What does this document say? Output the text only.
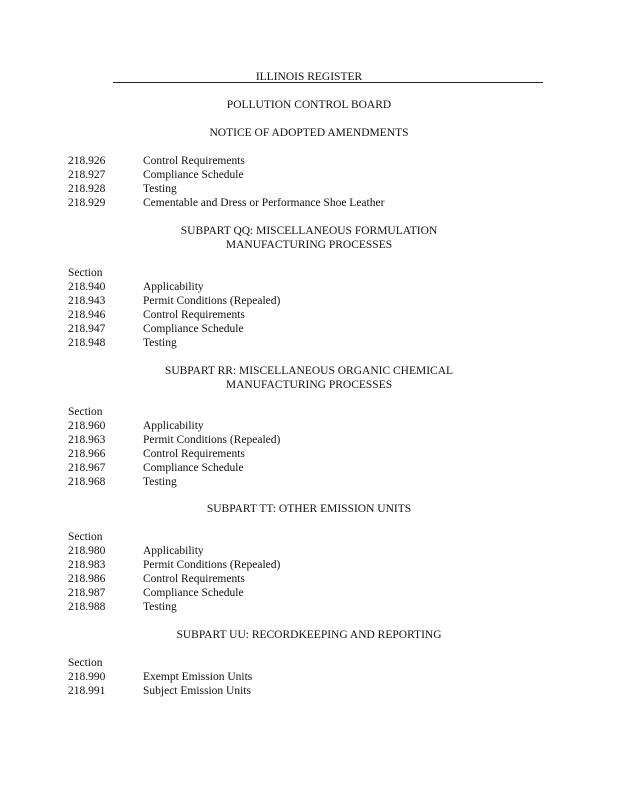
ILLINOIS REGISTER
POLLUTION CONTROL BOARD
NOTICE OF ADOPTED AMENDMENTS
218.926	Control Requirements
218.927	Compliance Schedule
218.928	Testing
218.929	Cementable and Dress or Performance Shoe Leather
SUBPART QQ: MISCELLANEOUS FORMULATION
MANUFACTURING PROCESSES
Section
218.940	Applicability
218.943	Permit Conditions (Repealed)
218.946	Control Requirements
218.947	Compliance Schedule
218.948	Testing
SUBPART RR: MISCELLANEOUS ORGANIC CHEMICAL
MANUFACTURING PROCESSES
Section
218.960	Applicability
218.963	Permit Conditions (Repealed)
218.966	Control Requirements
218.967	Compliance Schedule
218.968	Testing
SUBPART TT: OTHER EMISSION UNITS
Section
218.980	Applicability
218.983	Permit Conditions (Repealed)
218.986	Control Requirements
218.987	Compliance Schedule
218.988	Testing
SUBPART UU: RECORDKEEPING AND REPORTING
Section
218.990	Exempt Emission Units
218.991	Subject Emission Units
